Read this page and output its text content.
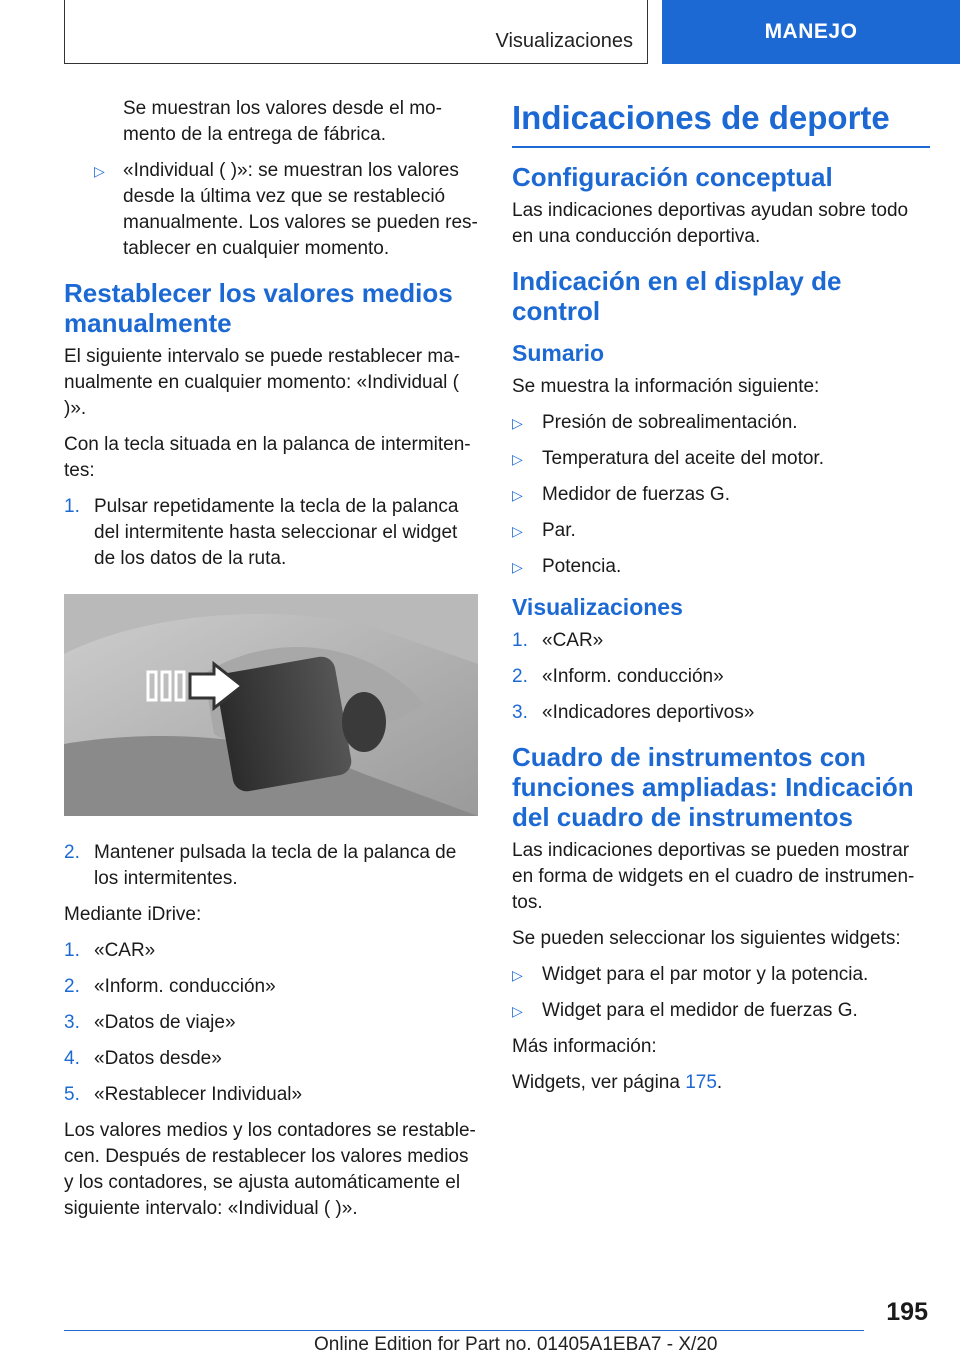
Visualizaciones	MANEJO

Se muestran los valores desde el mo-mento de la entrega de fábrica.

▷ «Individual ( )»: se muestran los valores desde la última vez que se restableció manualmente. Los valores se pueden res-tablecer en cualquier momento.
Restablecer los valores medios manualmente

El siguiente intervalo se puede restablecer ma-nualmente en cualquier momento: «Individual ( )».

Con la tecla situada en la palanca de intermiten-tes:

1. Pulsar repetidamente la tecla de la palanca del intermitente hasta seleccionar el widget de los datos de la ruta.
2. Mantener pulsada la tecla de la palanca de los intermitentes.

Mediante iDrive:

1. «CAR»
2. «Inform. conducción»
3. «Datos de viaje»
4. «Datos desde»
5. «Restablecer Individual»

Los valores medios y los contadores se restable-cen. Después de restablecer los valores medios y los contadores, se ajusta automáticamente el siguiente intervalo: «Individual ( )».

Indicaciones de deporte
Configuración conceptual

Las indicaciones deportivas ayudan sobre todo en una conducción deportiva.

Indicación en el display de control
Sumario

Se muestra la información siguiente:

▷	Presión de sobrealimentación.
▷	Temperatura del aceite del motor.
▷	Medidor de fuerzas G.
▷	Par.
▷	Potencia.
Visualizaciones
1. «CAR»
2. «Inform. conducción»
3. «Indicadores deportivos»
Cuadro de instrumentos con funciones ampliadas: Indicación del cuadro de instrumentos

Las indicaciones deportivas se pueden mostrar en forma de widgets en el cuadro de instrumen-tos.

Se pueden seleccionar los siguientes widgets:

▷	Widget para el par motor y la potencia.
▷	Widget para el medidor de fuerzas G.

Más información:

Widgets, ver página 175.

195
Online Edition for Part no. 01405A1EBA7 - X/20
